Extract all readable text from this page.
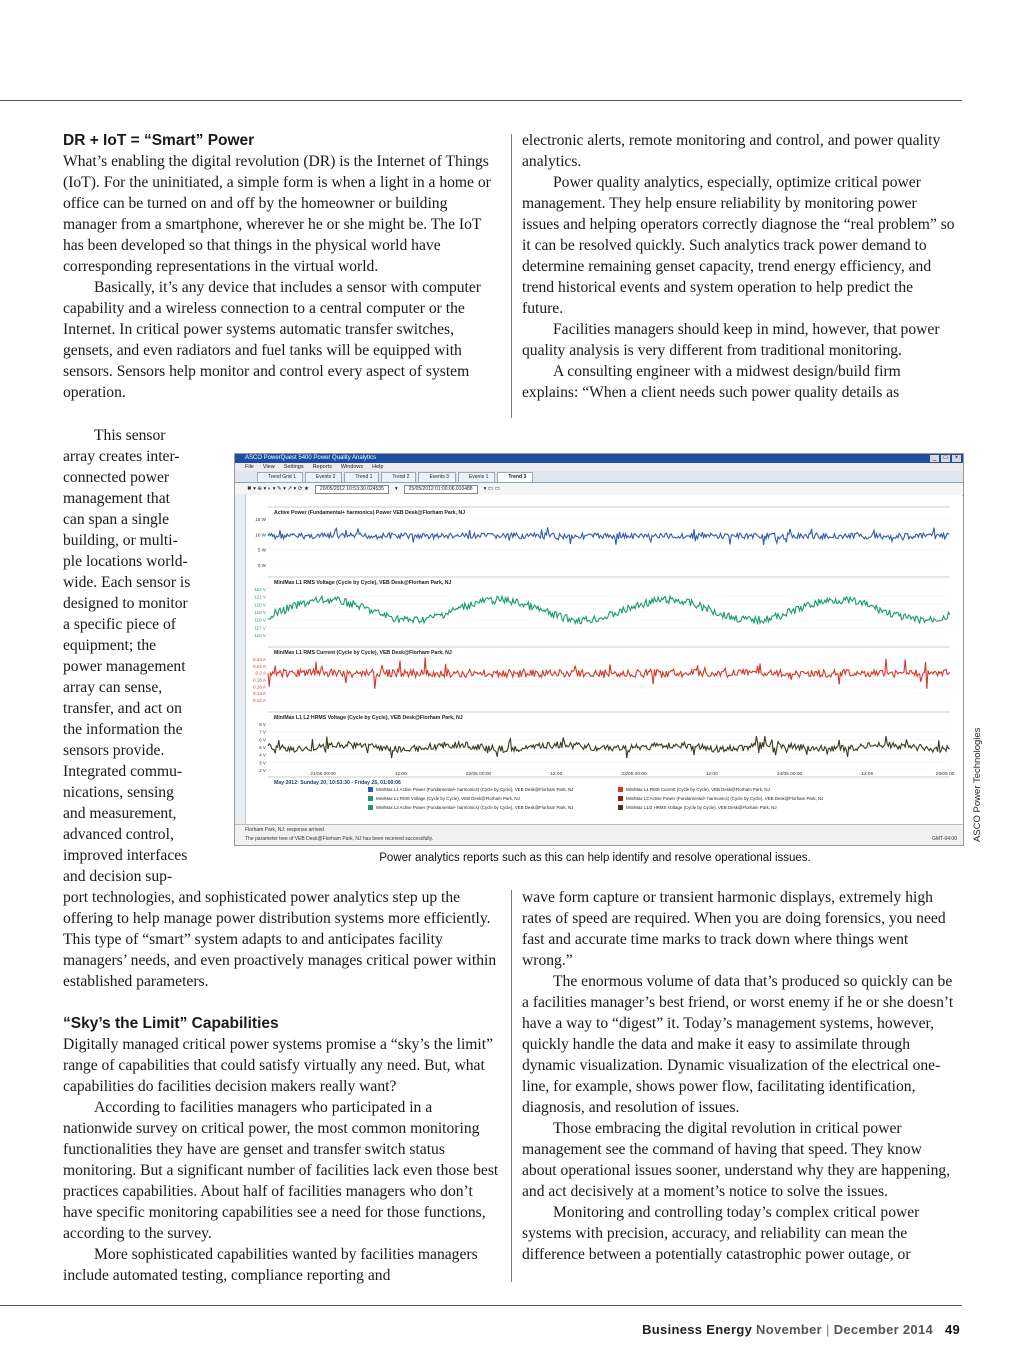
DR + IoT = “Smart” Power

What’s enabling the digital revolution (DR) is the Internet of Things (IoT). For the uninitiated, a simple form is when a light in a home or office can be turned on and off by the homeowner or building manager from a smartphone, wherever he or she might be. The IoT has been developed so that things in the physical world have corresponding representations in the virtual world.

Basically, it’s any device that includes a sensor with computer capability and a wireless connection to a central computer or the Internet. In critical power systems automatic transfer switches, gensets, and even radiators and fuel tanks will be equipped with sensors. Sensors help monitor and control every aspect of system operation.

This sensor

array creates inter-

connected power

management that

can span a single

building, or multi-

ple locations world-

wide. Each sensor is

designed to monitor

a specific piece of

equipment; the

power management

array can sense,

transfer, and act on

the information the

sensors provide.

Integrated commu-

nications, sensing

and measurement,

advanced control,

improved interfaces

and decision sup-

electronic alerts, remote monitoring and control, and power quality analytics.

Power quality analytics, especially, optimize critical power management. They help ensure reliability by monitoring power issues and helping operators correctly diagnose the “real problem” so it can be resolved quickly. Such analytics track power demand to determine remaining genset capacity, trend energy efficiency, and trend historical events and system operation to help predict the future.

Facilities managers should keep in mind, however, that power quality analysis is very different from traditional monitoring.

A consulting engineer with a midwest design/build firm explains: “When a client needs such power quality details as

ASCO PowerQuest 5400 Power Quality Analytics	_	□	×
File View Settings Reports Windows Help
Trend Grid 1	Events 2	Trend 1	Trend 2	Events 3	Events 1	Trend 3
✖ ▾ ⊕ ▾ ◐ ▾ ✎ ▾ ↗ ▾ ⟳ ★	20/05/2012 10:53:30.024535	▾	25/05/2012 01:00:06.010488	▾ ▭ ▭
Active Power (Fundamental+ harmonics) Power VEB Desk@Florham Park, NJ
15 W
10 W
5 W
0 W
Min/Max L1 RMS Voltage (Cycle by Cycle), VEB Desk@Florham Park, NJ
122 V
121 V
120 V
119 V
118 V
117 V
116 V
Min/Max L1 RMS Current (Cycle by Cycle), VEB Desk@Florham Park, NJ
0.24 A
0.22 A
0.2 A
0.18 A
0.16 A
0.14 A
0.12 A
Min/Max L1 L2 HRMS Voltage (Cycle by Cycle), VEB Desk@Florham Park, NJ
8 V
7 V
6 V
5 V
4 V
3 V
2 V
21/05 00:00	12:00	22/05 00:00	12:00	23/05 00:00	12:00	24/05 00:00	12:00	25/05 00
May 2012: Sunday 20, 10:53:30 - Friday 25, 01:00:06
Min/Max L1 Active Power (Fundamental+ harmonics) (Cycle by Cycle), VEB Desk@Florham Park, NJ	Min/Max L1 RMS Current (Cycle by Cycle), VEB Desk@Florham Park, NJ
Min/Max L1 RMS Voltage (Cycle by Cycle), VEB Desk@Florham Park, NJ	Min/Max L3 Active Power (Fundamental+ harmonics) (Cycle by Cycle), VEB Desk@Florham Park, NJ
Min/Max L3 Active Power (Fundamental+ harmonics) (Cycle by Cycle), VEB Desk@Florham Park, NJ	Min/Max L1/2 HRMS Voltage (Cycle by Cycle), VEB Desk@Florham Park, NJ
Florham Park, NJ: response arrived
The parameter tree of VEB Desk@Florham Park, NJ has been received successfully.	GMT-04:00 ASCO Power Technologies
Power analytics reports such as this can help identify and resolve operational issues.

port technologies, and sophisticated power analytics step up the offering to help manage power distribution systems more efficiently. This type of “smart” system adapts to and anticipates facility managers’ needs, and even proactively manages critical power within established parameters.

“Sky’s the Limit” Capabilities

Digitally managed critical power systems promise a “sky’s the limit” range of capabilities that could satisfy virtually any need. But, what capabilities do facilities decision makers really want?

According to facilities managers who participated in a nationwide survey on critical power, the most common monitoring functionalities they have are genset and transfer switch status monitoring. But a significant number of facilities lack even those best practices capabilities. About half of facilities managers who don’t have specific monitoring capabilities see a need for those functions, according to the survey.

More sophisticated capabilities wanted by facilities managers include automated testing, compliance reporting and

wave form capture or transient harmonic displays, extremely high rates of speed are required. When you are doing forensics, you need fast and accurate time marks to track down where things went wrong.”

The enormous volume of data that’s produced so quickly can be a facilities manager’s best friend, or worst enemy if he or she doesn’t have a way to “digest” it. Today’s management systems, however, quickly handle the data and make it easy to assimilate through dynamic visualization. Dynamic visualization of the electrical one-line, for example, shows power flow, facilitating identification, diagnosis, and resolution of issues.

Those embracing the digital revolution in critical power management see the command of having that speed. They know about operational issues sooner, understand why they are happening, and act decisively at a moment’s notice to solve the issues.

Monitoring and controlling today’s complex critical power systems with precision, accuracy, and reliability can mean the difference between a potentially catastrophic power outage, or

Business Energy November | December 2014 49
